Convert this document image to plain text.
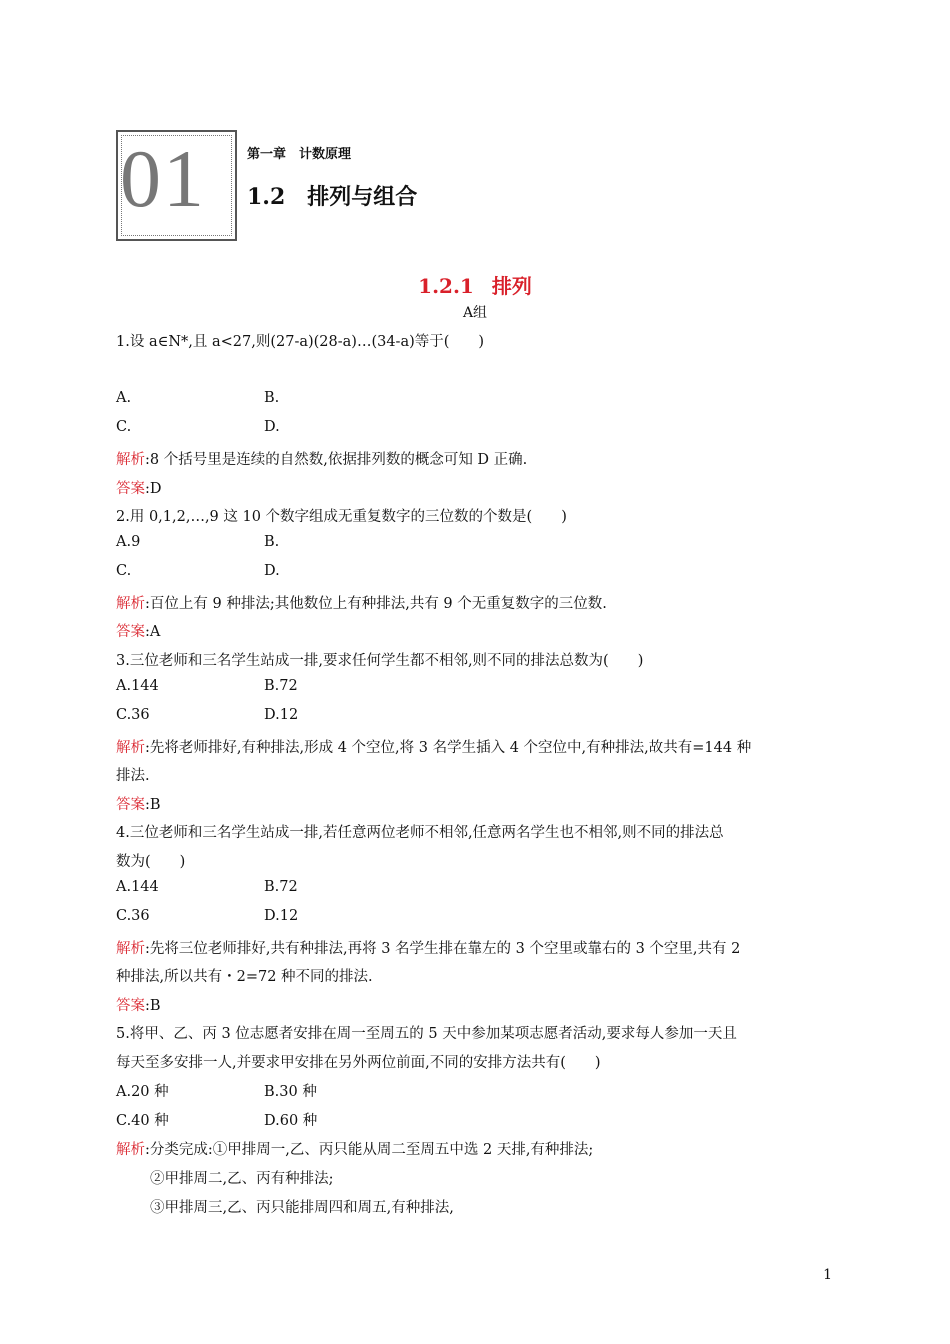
01	第一章　计数原理
1.2 排列与组合
1.2.1 排列
A组
1.设 a∈N*,且 a<27,则(27-a)(28-a)…(34-a)等于(　　)
A.	B.
C.	D.
解析:8 个括号里是连续的自然数,依据排列数的概念可知 D 正确.
答案:D
2.用 0,1,2,…,9 这 10 个数字组成无重复数字的三位数的个数是(　　)
A.9	B.
C.	D.
解析:百位上有 9 种排法;其他数位上有种排法,共有 9 个无重复数字的三位数.
答案:A
3.三位老师和三名学生站成一排,要求任何学生都不相邻,则不同的排法总数为(　　)
A.144	B.72
C.36	D.12
解析:先将老师排好,有种排法,形成 4 个空位,将 3 名学生插入 4 个空位中,有种排法,故共有=144 种
排法.
答案:B
4.三位老师和三名学生站成一排,若任意两位老师不相邻,任意两名学生也不相邻,则不同的排法总
数为(　　)
A.144	B.72
C.36	D.12
解析:先将三位老师排好,共有种排法,再将 3 名学生排在靠左的 3 个空里或靠右的 3 个空里,共有 2
种排法,所以共有・2=72 种不同的排法.
答案:B
5.将甲、乙、丙 3 位志愿者安排在周一至周五的 5 天中参加某项志愿者活动,要求每人参加一天且
每天至多安排一人,并要求甲安排在另外两位前面,不同的安排方法共有(　　)
A.20 种	B.30 种
C.40 种	D.60 种
解析:分类完成:①甲排周一,乙、丙只能从周二至周五中选 2 天排,有种排法;
②甲排周二,乙、丙有种排法;
③甲排周三,乙、丙只能排周四和周五,有种排法,
1
